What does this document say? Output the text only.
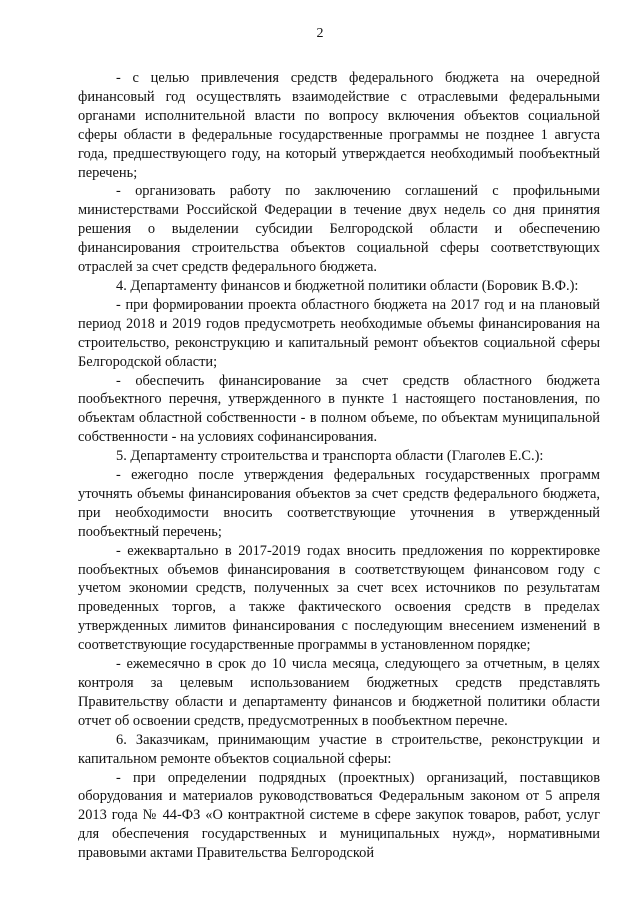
2

- с целью привлечения средств федерального бюджета на очередной финансовый год осуществлять взаимодействие с отраслевыми федеральными органами исполнительной власти по вопросу включения объектов социальной сферы области в федеральные государственные программы не позднее 1 августа года, предшествующего году, на который утверждается необходимый пообъектный перечень;

- организовать работу по заключению соглашений с профильными министерствами Российской Федерации в течение двух недель со дня принятия решения о выделении субсидии Белгородской области и обеспечению финансирования строительства объектов социальной сферы соответствующих отраслей за счет средств федерального бюджета.

4. Департаменту финансов и бюджетной политики области (Боровик В.Ф.):

- при формировании проекта областного бюджета на 2017 год и на плановый период 2018 и 2019 годов предусмотреть необходимые объемы финансирования на строительство, реконструкцию и капитальный ремонт объектов социальной сферы Белгородской области;

- обеспечить финансирование за счет средств областного бюджета пообъектного перечня, утвержденного в пункте 1 настоящего постановления, по объектам областной собственности - в полном объеме, по объектам муниципальной собственности - на условиях софинансирования.

5. Департаменту строительства и транспорта области (Глаголев Е.С.):

- ежегодно после утверждения федеральных государственных программ уточнять объемы финансирования объектов за счет средств федерального бюджета, при необходимости вносить соответствующие уточнения в утвержденный пообъектный перечень;

- ежеквартально в 2017-2019 годах вносить предложения по корректировке пообъектных объемов финансирования в соответствующем финансовом году с учетом экономии средств, полученных за счет всех источников по результатам проведенных торгов, а также фактического освоения средств в пределах утвержденных лимитов финансирования с последующим внесением изменений в соответствующие государственные программы в установленном порядке;

- ежемесячно в срок до 10 числа месяца, следующего за отчетным, в целях контроля за целевым использованием бюджетных средств представлять Правительству области и департаменту финансов и бюджетной политики области отчет об освоении средств, предусмотренных в пообъектном перечне.

6. Заказчикам, принимающим участие в строительстве, реконструкции и капитальном ремонте объектов социальной сферы:

- при определении подрядных (проектных) организаций, поставщиков оборудования и материалов руководствоваться Федеральным законом от 5 апреля 2013 года № 44-ФЗ «О контрактной системе в сфере закупок товаров, работ, услуг для обеспечения государственных и муниципальных нужд», нормативными правовыми актами Правительства Белгородской
